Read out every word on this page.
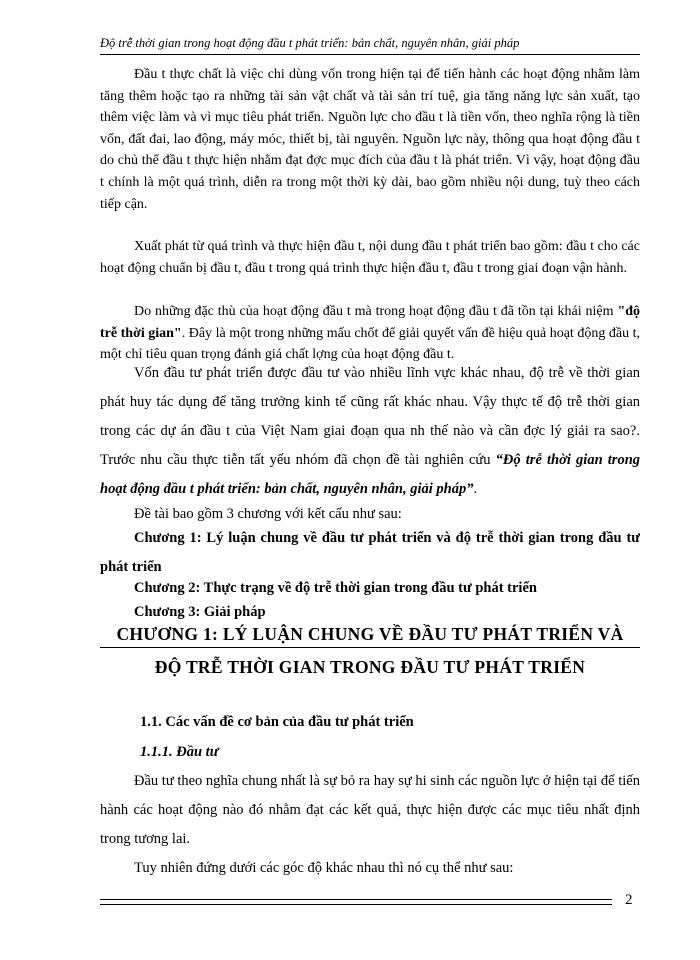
Độ trễ thời gian trong hoạt động đầu t phát triển: bản chất, nguyên nhân, giải pháp

Đầu t thực chất là việc chi dùng vốn trong hiện tại để tiến hành các hoạt động nhằm làm tăng thêm hoặc tạo ra những tài sản vật chất và tài sản trí tuệ, gia tăng năng lực sản xuất, tạo thêm việc làm và vì mục tiêu phát triển. Nguồn lực cho đầu t là tiền vốn, theo nghĩa rộng là tiền vốn, đất đai, lao động, máy móc, thiết bị, tài nguyên. Nguồn lực này, thông qua hoạt động đầu t do chủ thể đầu t thực hiện nhằm đạt đợc mục đích của đầu t là phát triển. Vì vậy, hoạt động đầu t chính là một quá trình, diễn ra trong một thời kỳ dài, bao gồm nhiều nội dung, tuỳ theo cách tiếp cận.

Xuất phát từ quá trình và thực hiện đầu t, nội dung đầu t phát triển bao gồm: đầu t cho các hoạt động chuẩn bị đầu t, đầu t trong quá trình thực hiện đầu t, đầu t trong giai đoạn vận hành.

Do những đặc thù của hoạt động đầu t mà trong hoạt động đầu t đã tồn tại khái niệm "độ trễ thời gian". Đây là một trong những mấu chốt để giải quyết vấn đề hiệu quả hoạt động đầu t, một chỉ tiêu quan trọng đánh giá chất lợng của hoạt động đầu t.

Vốn đầu tư phát triển được đầu tư vào nhiều lĩnh vực khác nhau, độ trễ về thời gian phát huy tác dụng để tăng trưởng kinh tế cũng rất khác nhau. Vậy thực tế độ trễ thời gian trong các dự án đầu t của Việt Nam giai đoạn qua nh thế nào và cần đợc lý giải ra sao?. Trước nhu cầu thực tiễn tất yếu nhóm đã chọn đề tài nghiên cứu “Độ trễ thời gian trong hoạt động đầu t phát triển: bản chất, nguyên nhân, giải pháp”.

Đề tài bao gồm 3 chương với kết cấu như sau:

Chương 1: Lý luận chung về đầu tư phát triển và độ trễ thời gian trong đầu tư phát triển

Chương 2: Thực trạng về độ trễ thời gian trong đầu tư phát triển

Chương 3: Giải pháp

CHƯƠNG 1: LÝ LUẬN CHUNG VỀ ĐẦU TƯ PHÁT TRIỂN VÀ

ĐỘ TRỄ THỜI GIAN TRONG ĐẦU TƯ PHÁT TRIỂN

1.1. Các vấn đề cơ bản của đầu tư phát triển

1.1.1. Đầu tư

Đầu tư theo nghĩa chung nhất là sự bỏ ra hay sự hi sinh các nguồn lực ở hiện tại để tiến hành các hoạt động nào đó nhằm đạt các kết quả, thực hiện được các mục tiêu nhất định trong tương lai.

Tuy nhiên đứng dưới các góc độ khác nhau thì nó cụ thể như sau:

2
